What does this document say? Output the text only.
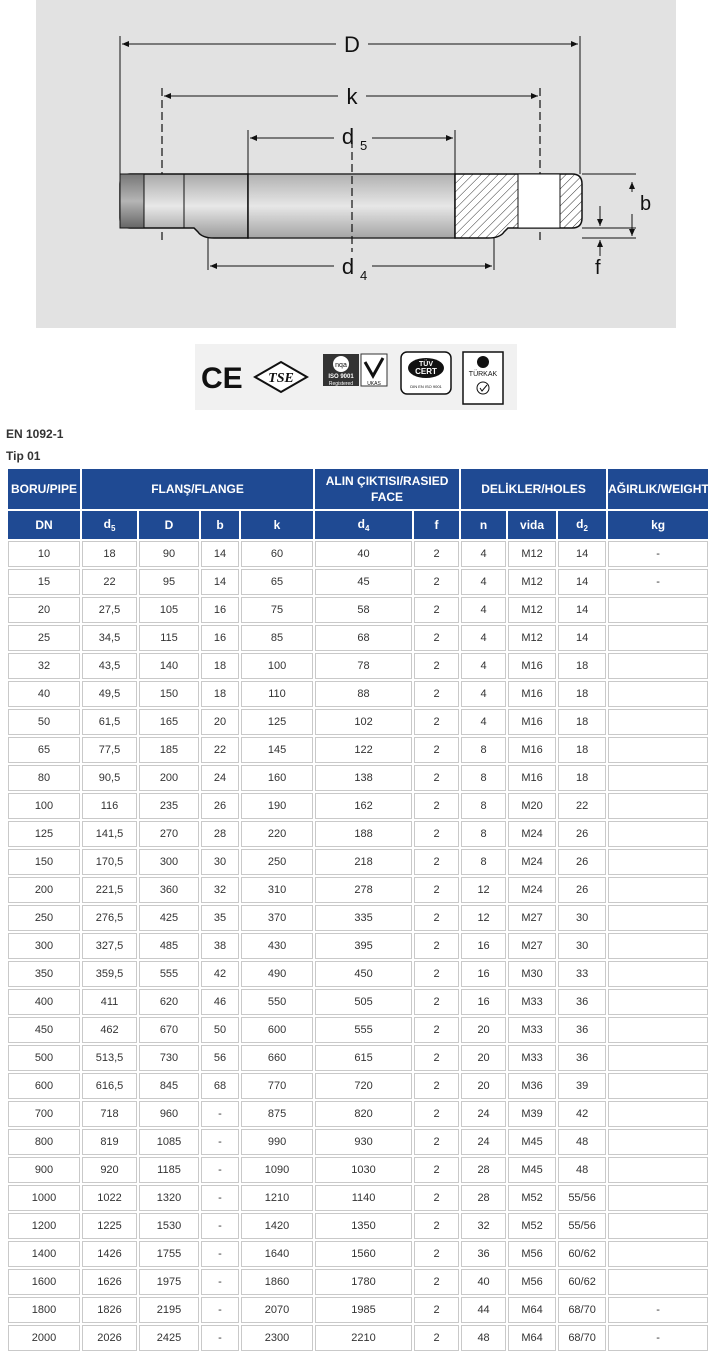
D
k
d 5
d 4
b
f
CE TSE
nqa
ISO 9001
Registered	UKAS
TÜV
CERT
DIN EN ISO 9001
TÜRKAK
EN 1092-1
Tip 01
BORU/PIPE	FLANŞ/FLANGE				ALIN ÇIKTISI/RASIED FACE		DELİKLER/HOLES			AĞIRLIK/WEIGHT
DN	$d_5$	D	b	k	$d_4$	f	n	vida	$d_2$	kg
10	18	90	14	60	40	2	4	M12	14	-
15	22	95	14	65	45	2	4	M12	14	-
20	27,5	105	16	75	58	2	4	M12	14	
25	34,5	115	16	85	68	2	4	M12	14	
32	43,5	140	18	100	78	2	4	M16	18	
40	49,5	150	18	110	88	2	4	M16	18	
50	61,5	165	20	125	102	2	4	M16	18	
65	77,5	185	22	145	122	2	8	M16	18	
80	90,5	200	24	160	138	2	8	M16	18	
100	116	235	26	190	162	2	8	M20	22	
125	141,5	270	28	220	188	2	8	M24	26	
150	170,5	300	30	250	218	2	8	M24	26	
200	221,5	360	32	310	278	2	12	M24	26	
250	276,5	425	35	370	335	2	12	M27	30	
300	327,5	485	38	430	395	2	16	M27	30	
350	359,5	555	42	490	450	2	16	M30	33	
400	411	620	46	550	505	2	16	M33	36	
450	462	670	50	600	555	2	20	M33	36	
500	513,5	730	56	660	615	2	20	M33	36	
600	616,5	845	68	770	720	2	20	M36	39	
700	718	960	-	875	820	2	24	M39	42	
800	819	1085	-	990	930	2	24	M45	48	
900	920	1185	-	1090	1030	2	28	M45	48	
1000	1022	1320	-	1210	1140	2	28	M52	55/56	
1200	1225	1530	-	1420	1350	2	32	M52	55/56	
1400	1426	1755	-	1640	1560	2	36	M56	60/62	
1600	1626	1975	-	1860	1780	2	40	M56	60/62	
1800	1826	2195	-	2070	1985	2	44	M64	68/70	-
2000	2026	2425	-	2300	2210	2	48	M64	68/70	-
